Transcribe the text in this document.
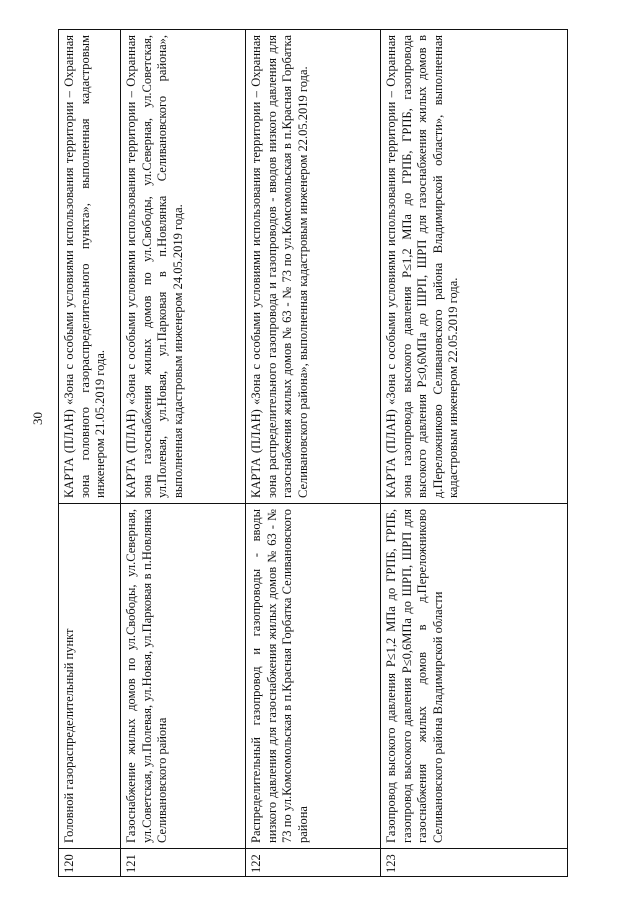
30
120
Головной газораспределительный пункт
КАРТА (ПЛАН) «Зона с особыми условиями использования территории – Охранная зона головного газораспределительного пункта», выполненная кадастровым инженером 21.05.2019 года.
121
Газоснабжение жилых домов по ул.Свободы, ул.Северная, ул.Советская, ул.Полевая, ул.Новая, ул.Парковая в п.Новлянка Селивановского района
КАРТА (ПЛАН) «Зона с особыми условиями использования территории – Охранная зона газоснабжения жилых домов по ул.Свободы, ул.Северная, ул.Советская, ул.Полевая, ул.Новая, ул.Парковая в п.Новлянка Селивановского района», выполненная кадастровым инженером 24.05.2019 года.
122
Распределительный газопровод и газопроводы - вводы низкого давления для газоснабжения жилых домов № 63 - № 73 по ул.Комсомольская в п.Красная Горбатка Селивановского района
КАРТА (ПЛАН) «Зона с особыми условиями использования территории – Охранная зона распределительного газопровода и газопроводов - вводов низкого давления для газоснабжения жилых домов № 63 - № 73 по ул.Комсомольская в п.Красная Горбатка Селивановского района», выполненная кадастровым инженером 22.05.2019 года.
123
Газопровод высокого давления Р≤1,2 МПа до ГРПБ, ГРПБ, газопровод высокого давления Р≤0,6МПа до ШРП, ШРП для газоснабжения жилых домов в д.Переложниково Селивановского района Владимирской области
КАРТА (ПЛАН) «Зона с особыми условиями использования территории – Охранная зона газопровода высокого давления Р≤1,2 МПа до ГРПБ, ГРПБ, газопровода высокого давления Р≤0,6МПа до ШРП, ШРП для газоснабжения жилых домов в д.Переложниково Селивановского района Владимирской области», выполненная кадастровым инженером 22.05.2019 года.
